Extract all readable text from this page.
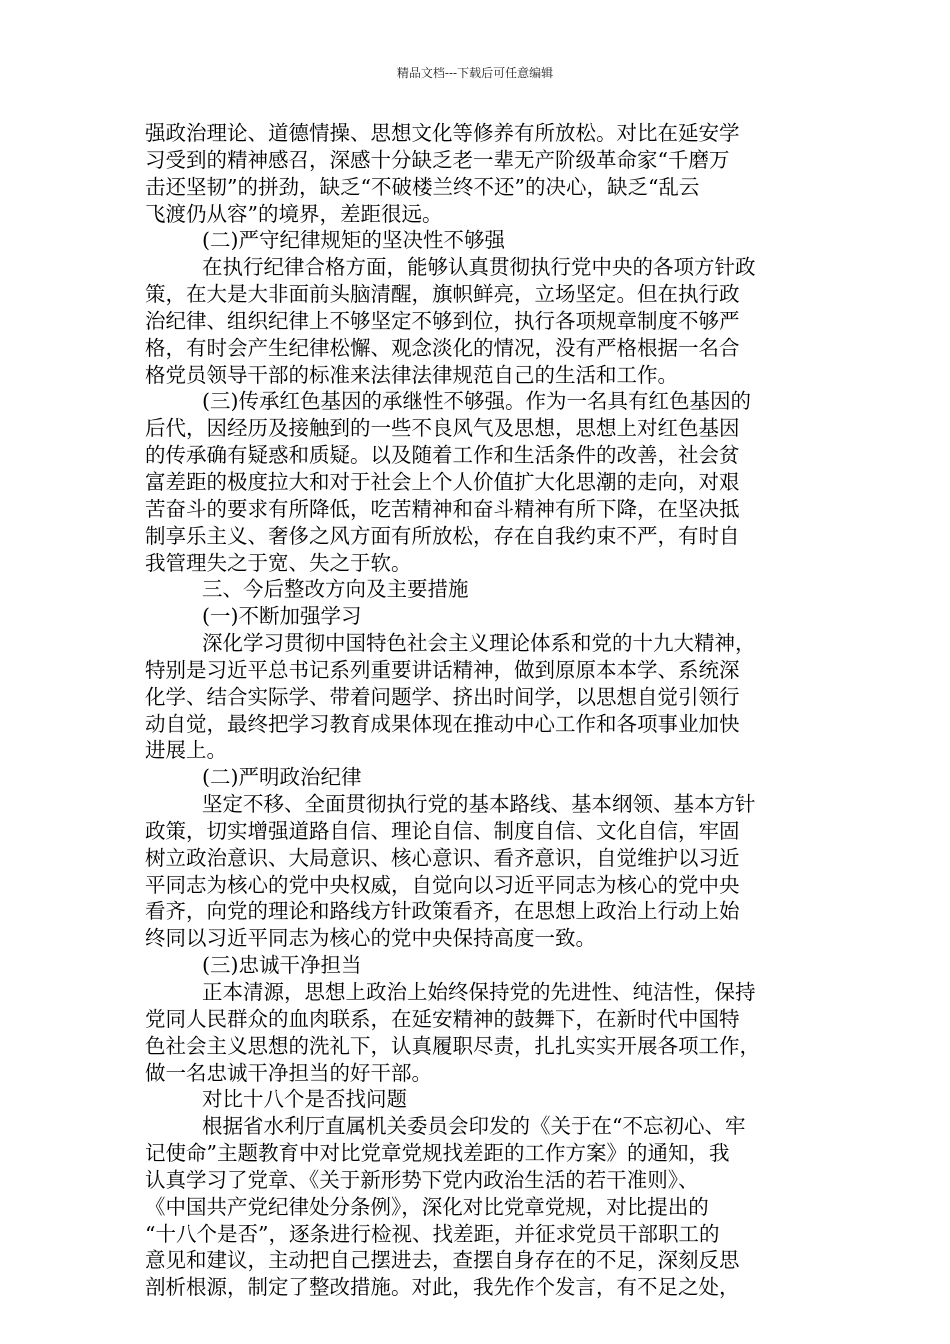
精品文档---下载后可任意编辑

强政治理论、道德情操、思想文化等修养有所放松。对比在延安学

习受到的精神感召，深感十分缺乏老一辈无产阶级革命家“千磨万

击还坚韧”的拼劲，缺乏“不破楼兰终不还”的决心，缺乏“乱云

飞渡仍从容”的境界，差距很远。

(二)严守纪律规矩的坚决性不够强

在执行纪律合格方面，能够认真贯彻执行党中央的各项方针政

策，在大是大非面前头脑清醒，旗帜鲜亮，立场坚定。但在执行政

治纪律、组织纪律上不够坚定不够到位，执行各项规章制度不够严

格，有时会产生纪律松懈、观念淡化的情况，没有严格根据一名合

格党员领导干部的标准来法律法律规范自己的生活和工作。

(三)传承红色基因的承继性不够强。作为一名具有红色基因的

后代，因经历及接触到的一些不良风气及思想，思想上对红色基因

的传承确有疑惑和质疑。以及随着工作和生活条件的改善，社会贫

富差距的极度拉大和对于社会上个人价值扩大化思潮的走向，对艰

苦奋斗的要求有所降低，吃苦精神和奋斗精神有所下降，在坚决抵

制享乐主义、奢侈之风方面有所放松，存在自我约束不严，有时自

我管理失之于宽、失之于软。

三、今后整改方向及主要措施

(一)不断加强学习

深化学习贯彻中国特色社会主义理论体系和党的十九大精神，

特别是习近平总书记系列重要讲话精神，做到原原本本学、系统深

化学、结合实际学、带着问题学、挤出时间学，以思想自觉引领行

动自觉，最终把学习教育成果体现在推动中心工作和各项事业加快

进展上。

(二)严明政治纪律

坚定不移、全面贯彻执行党的基本路线、基本纲领、基本方针

政策，切实增强道路自信、理论自信、制度自信、文化自信，牢固

树立政治意识、大局意识、核心意识、看齐意识，自觉维护以习近

平同志为核心的党中央权威，自觉向以习近平同志为核心的党中央

看齐，向党的理论和路线方针政策看齐，在思想上政治上行动上始

终同以习近平同志为核心的党中央保持高度一致。

(三)忠诚干净担当

正本清源，思想上政治上始终保持党的先进性、纯洁性，保持

党同人民群众的血肉联系，在延安精神的鼓舞下，在新时代中国特

色社会主义思想的洗礼下，认真履职尽责，扎扎实实开展各项工作，

做一名忠诚干净担当的好干部。

对比十八个是否找问题

根据省水利厅直属机关委员会印发的《关于在“不忘初心、牢

记使命”主题教育中对比党章党规找差距的工作方案》的通知，我

认真学习了党章、《关于新形势下党内政治生活的若干准则》、

《中国共产党纪律处分条例》，深化对比党章党规，对比提出的

“十八个是否”，逐条进行检视、找差距，并征求党员干部职工的

意见和建议，主动把自己摆进去，查摆自身存在的不足，深刻反思

剖析根源，制定了整改措施。对此，我先作个发言，有不足之处，
